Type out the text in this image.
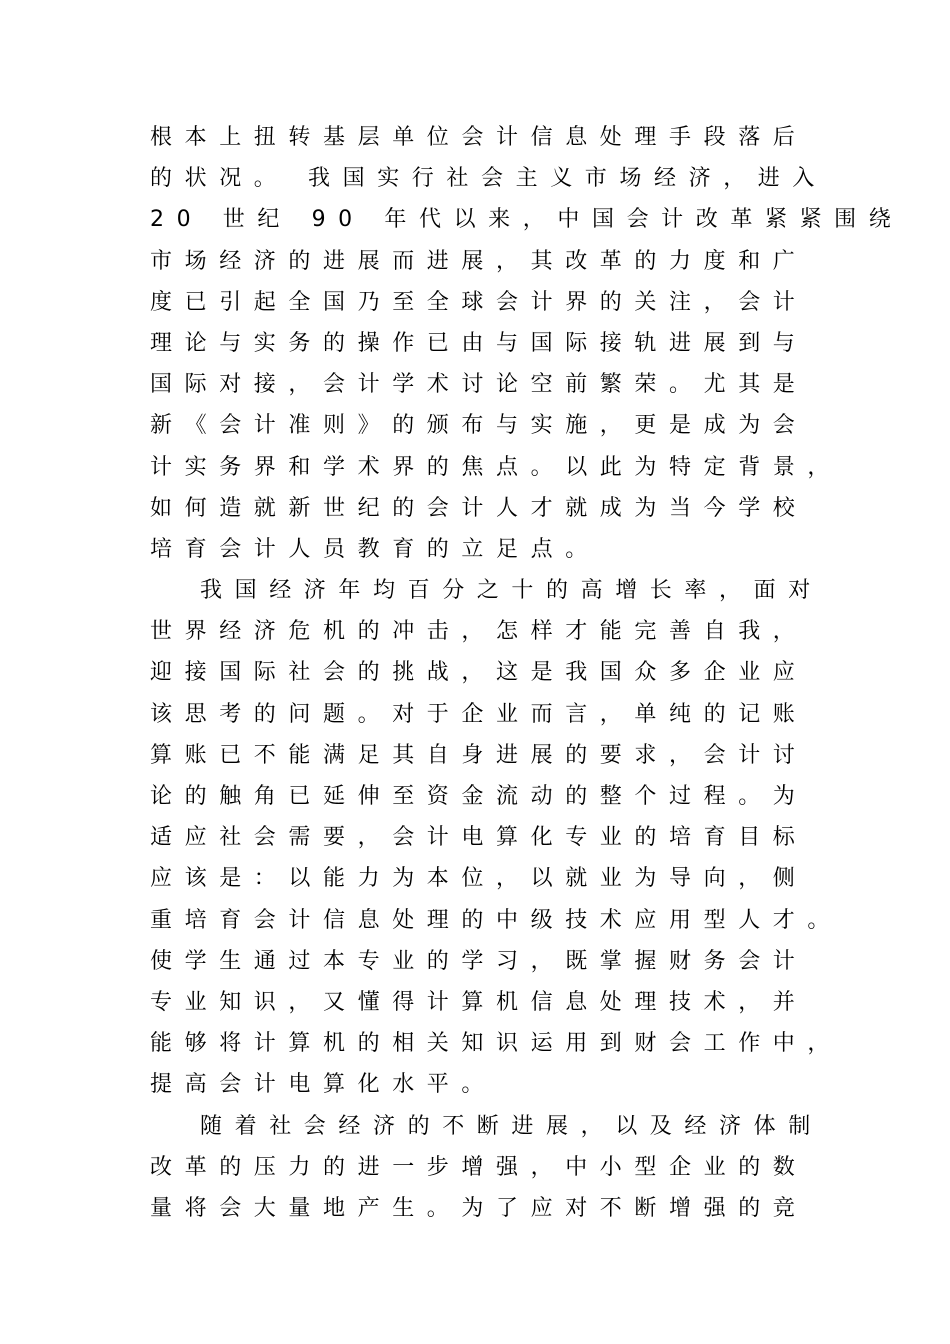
根本上扭转基层单位会计信息处理手段落后
的状况。 我国实行社会主义市场经济，进入
20 世纪 90 年代以来，中国会计改革紧紧围绕
市场经济的进展而进展，其改革的力度和广
度已引起全国乃至全球会计界的关注，会计
理论与实务的操作已由与国际接轨进展到与
国际对接，会计学术讨论空前繁荣。尤其是
新《会计准则》的颁布与实施，更是成为会
计实务界和学术界的焦点。以此为特定背景，
如何造就新世纪的会计人才就成为当今学校
培育会计人员教育的立足点。
我国经济年均百分之十的高增长率，面对
世界经济危机的冲击，怎样才能完善自我，
迎接国际社会的挑战，这是我国众多企业应
该思考的问题。对于企业而言，单纯的记账
算账已不能满足其自身进展的要求，会计讨
论的触角已延伸至资金流动的整个过程。为
适应社会需要，会计电算化专业的培育目标
应该是：以能力为本位，以就业为导向，侧
重培育会计信息处理的中级技术应用型人才。
使学生通过本专业的学习，既掌握财务会计
专业知识，又懂得计算机信息处理技术，并
能够将计算机的相关知识运用到财会工作中，
提高会计电算化水平。
随着社会经济的不断进展，以及经济体制
改革的压力的进一步增强，中小型企业的数
量将会大量地产生。为了应对不断增强的竞
